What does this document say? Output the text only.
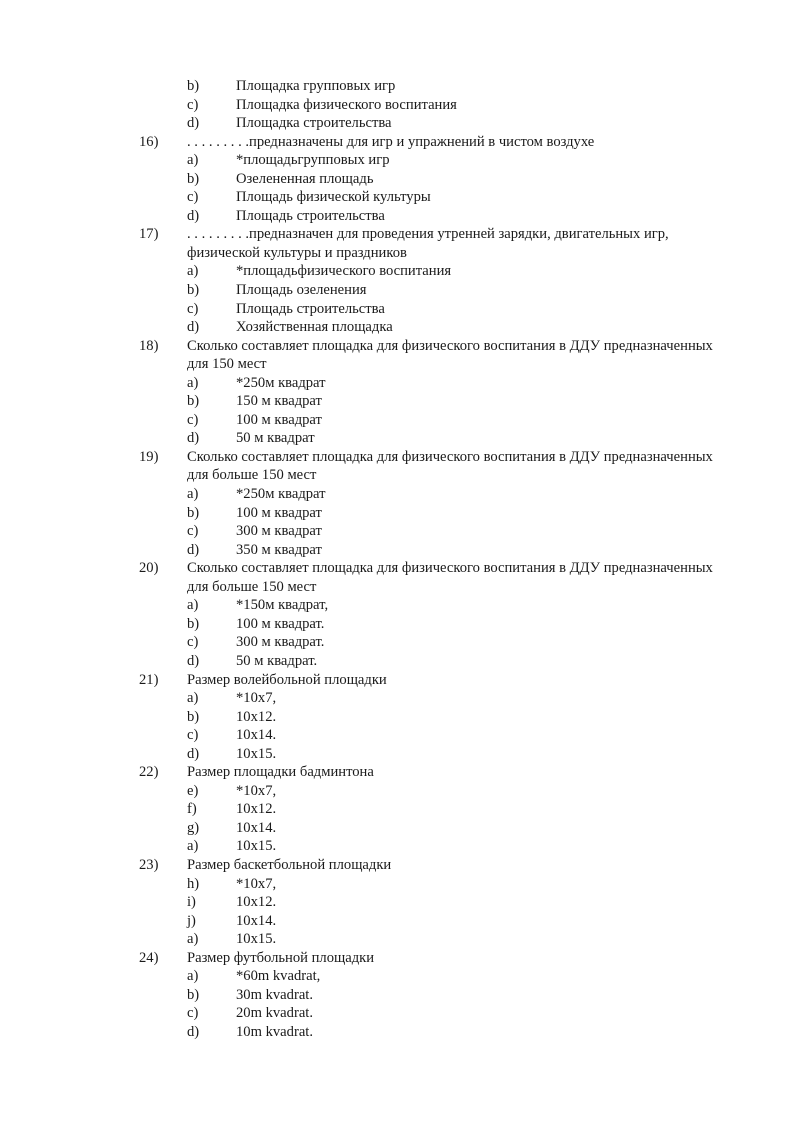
b)	Площадка групповых игр
c)	Площадка физического воспитания
d)	Площадка строительства
16)	. . . . . . . . .предназначены для игр и упражнений в чистом воздухе
a)	*площадьгрупповых игр
b)	Озелененная площадь
c)	Площадь физической культуры
d)	Площадь строительства
17)	. . . . . . . . .предназначен для проведения утренней зарядки, двигательных игр, физической культуры и праздников
a)	*площадьфизического воспитания
b)	Площадь озеленения
c)	Площадь строительства
d)	Хозяйственная площадка
18)	Сколько составляет площадка для физического воспитания в ДДУ предназначенных для 150 мест
a)	*250м квадрат
b)	150 м квадрат
c)	100 м квадрат
d)	50 м квадрат
19)	Сколько составляет площадка для физического воспитания в ДДУ предназначенных для больше 150 мест
a)	*250м квадрат
b)	100 м квадрат
c)	300 м квадрат
d)	350 м квадрат
20)	Сколько составляет площадка для физического воспитания в ДДУ предназначенных для больше 150 мест
a)	*150м квадрат,
b)	100 м квадрат.
c)	300 м квадрат.
d)	50 м квадрат.
21)	Размер волейбольной площадки
a)	*10x7,
b)	10x12.
c)	10x14.
d)	10x15.
22)	Размер площадки бадминтона
e)	*10x7,
f)	10x12.
g)	10x14.
a)	10x15.
23)	Размер баскетбольной площадки
h)	*10x7,
i)	10x12.
j)	10x14.
a)	10x15.
24)	Размер футбольной площадки
a)	*60m kvadrat,
b)	30m kvadrat.
c)	20m kvadrat.
d)	10m kvadrat.
